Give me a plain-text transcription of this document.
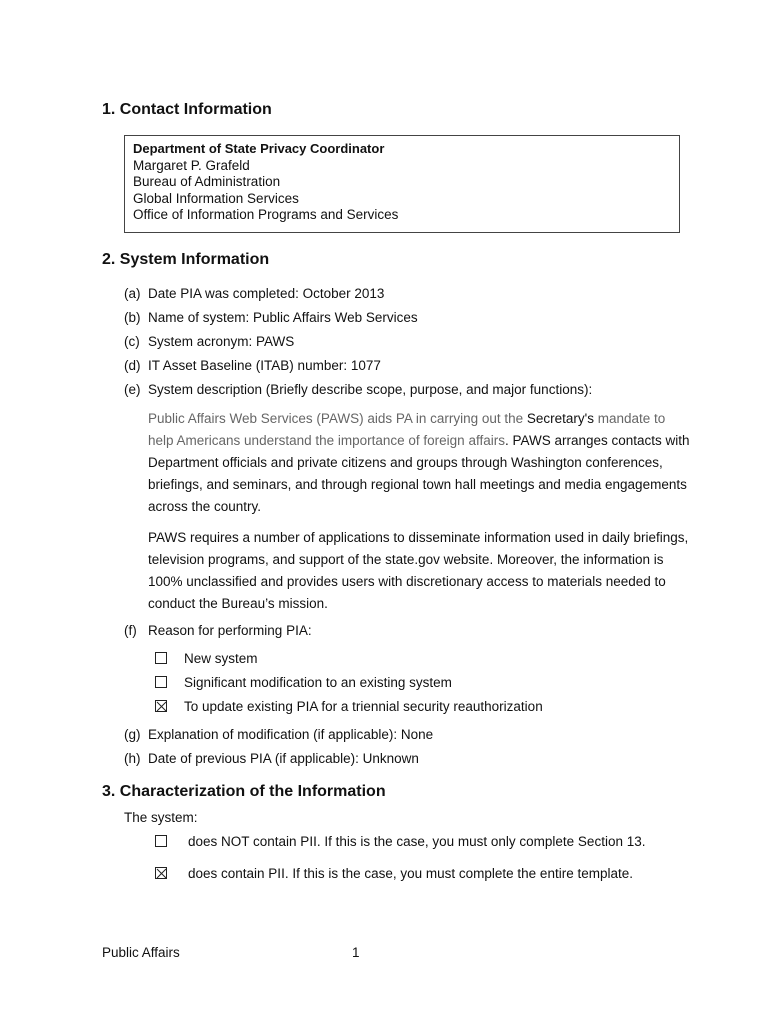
1. Contact Information
Department of State Privacy Coordinator
Margaret P. Grafeld
Bureau of Administration
Global Information Services
Office of Information Programs and Services
2. System Information
(a) Date PIA was completed: October 2013
(b) Name of system: Public Affairs Web Services
(c) System acronym: PAWS
(d) IT Asset Baseline (ITAB) number: 1077
(e) System description (Briefly describe scope, purpose, and major functions):
Public Affairs Web Services (PAWS) aids PA in carrying out the Secretary's mandate to help Americans understand the importance of foreign affairs. PAWS arranges contacts with Department officials and private citizens and groups through Washington conferences, briefings, and seminars, and through regional town hall meetings and media engagements across the country.
PAWS requires a number of applications to disseminate information used in daily briefings, television programs, and support of the state.gov website. Moreover, the information is 100% unclassified and provides users with discretionary access to materials needed to conduct the Bureau’s mission.
(f) Reason for performing PIA:
New system
Significant modification to an existing system
To update existing PIA for a triennial security reauthorization
(g) Explanation of modification (if applicable): None
(h) Date of previous PIA (if applicable): Unknown
3. Characterization of the Information
The system:
does NOT contain PII. If this is the case, you must only complete Section 13.
does contain PII. If this is the case, you must complete the entire template.
Public Affairs	1
